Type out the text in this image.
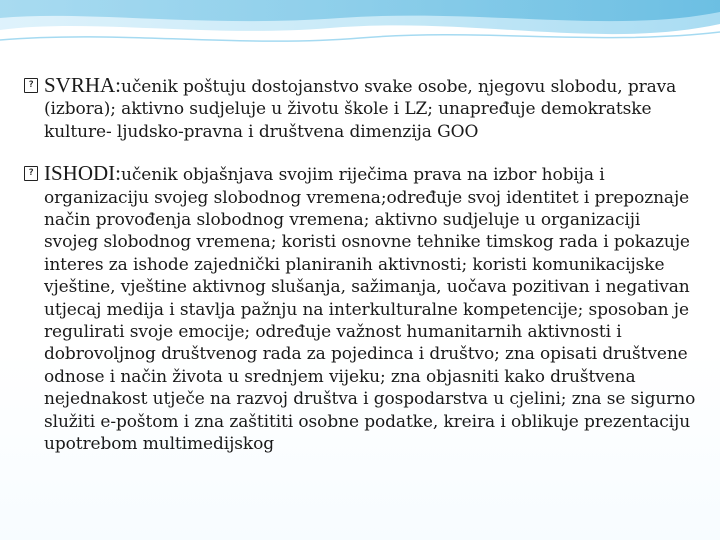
?
SVRHA:učenik poštuju dostojanstvo svake osobe, njegovu slobodu, prava (izbora); aktivno sudjeluje u životu škole i LZ; unapređuje demokratske kulture- ljudsko-pravna i društvena dimenzija GOO

?
ISHODI:učenik objašnjava svojim riječima prava na izbor hobija i organizaciju svojeg slobodnog vremena;određuje svoj identitet i prepoznaje način provođenja slobodnog vremena; aktivno sudjeluje u organizaciji svojeg slobodnog vremena; koristi osnovne tehnike timskog rada i pokazuje interes za ishode zajednički planiranih aktivnosti; koristi komunikacijske vještine, vještine aktivnog slušanja, sažimanja, uočava pozitivan i negativan utjecaj medija i stavlja pažnju na interkulturalne kompetencije; sposoban je regulirati svoje emocije; određuje važnost humanitarnih aktivnosti i dobrovoljnog društvenog rada za pojedinca i društvo; zna opisati društvene odnose i način života u srednjem vijeku; zna objasniti kako društvena nejednakost utječe na razvoj društva i gospodarstva u cjelini; zna se sigurno služiti e-poštom i zna zaštititi osobne podatke, kreira i oblikuje prezentaciju upotrebom multimedijskog
